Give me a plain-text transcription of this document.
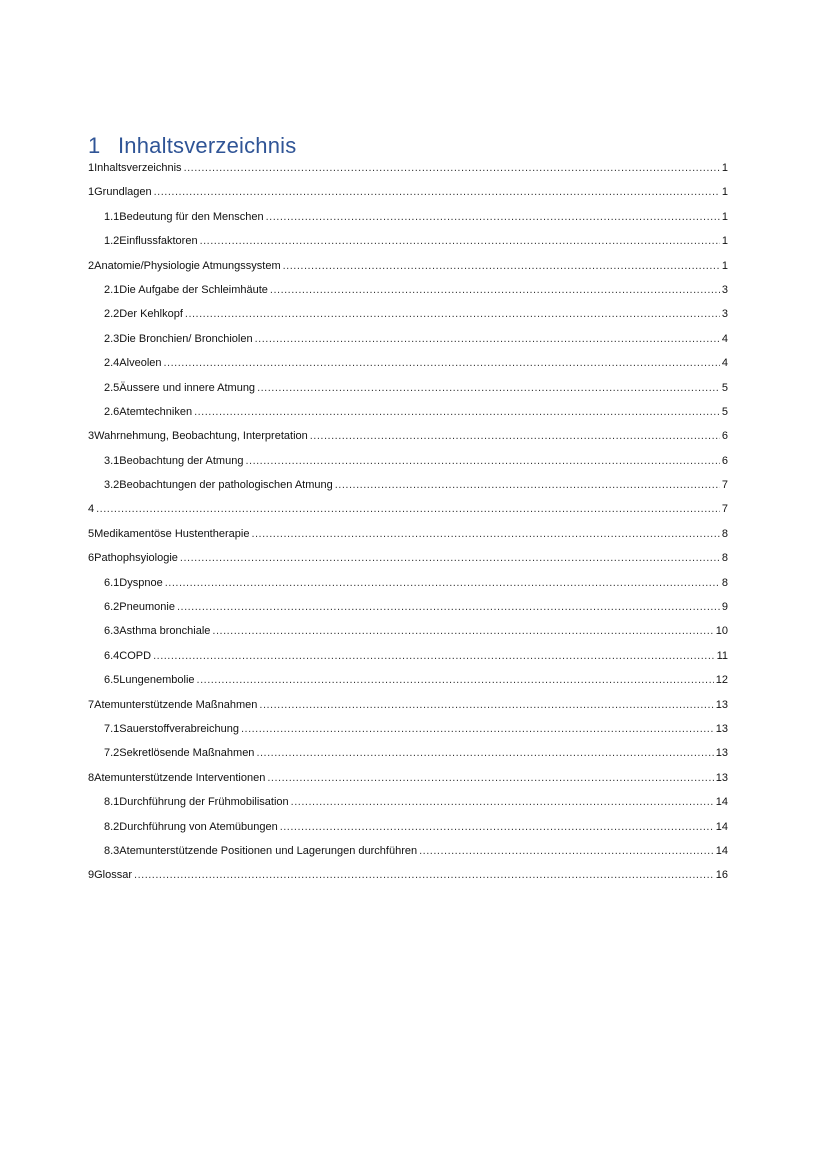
1 Inhaltsverzeichnis
1Inhaltsverzeichnis .....	1
1Grundlagen .....	1
1.1Bedeutung für den Menschen .....	1
1.2Einflussfaktoren .....	1
2Anatomie/Physiologie Atmungssystem .....	1
2.1Die Aufgabe der Schleimhäute .....	3
2.2Der Kehlkopf .....	3
2.3Die Bronchien/ Bronchiolen .....	4
2.4Alveolen .....	4
2.5Äussere und innere Atmung .....	5
2.6Atemtechniken .....	5
3Wahrnehmung, Beobachtung, Interpretation .....	6
3.1Beobachtung der Atmung .....	6
3.2Beobachtungen der pathologischen Atmung .....	7
4 .....	7
5Medikamentöse Hustentherapie .....	8
6Pathophsyiologie .....	8
6.1Dyspnoe .....	8
6.2Pneumonie .....	9
6.3Asthma bronchiale .....	10
6.4COPD .....	11
6.5Lungenembolie .....	12
7Atemunterstützende Maßnahmen .....	13
7.1Sauerstoffverabreichung .....	13
7.2Sekretlösende Maßnahmen .....	13
8Atemunterstützende Interventionen .....	13
8.1Durchführung der Frühmobilisation .....	14
8.2Durchführung von Atemübungen .....	14
8.3Atemunterstützende Positionen und Lagerungen durchführen .....	14
9Glossar .....	16
